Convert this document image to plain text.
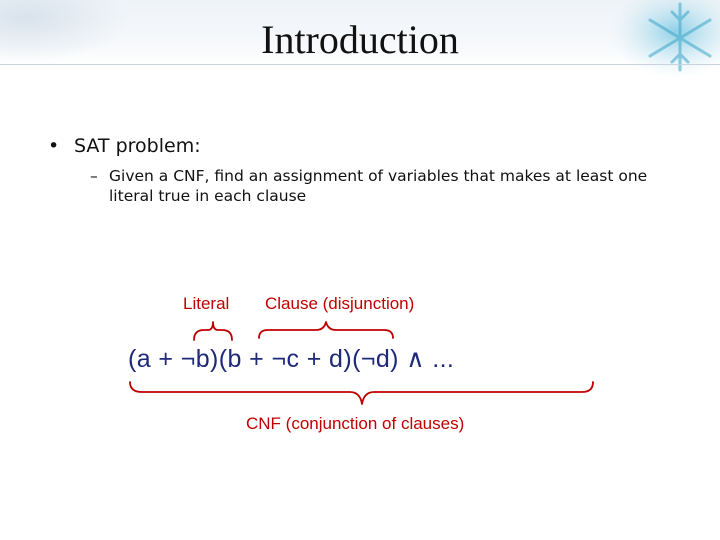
Introduction
• SAT problem:
– Given a CNF, find an assignment of variables that makes at least one literal true in each clause
Literal Clause (disjunction)
(a + ¬b)(b + ¬c + d)(¬d) ∧ ...
CNF (conjunction of clauses)
